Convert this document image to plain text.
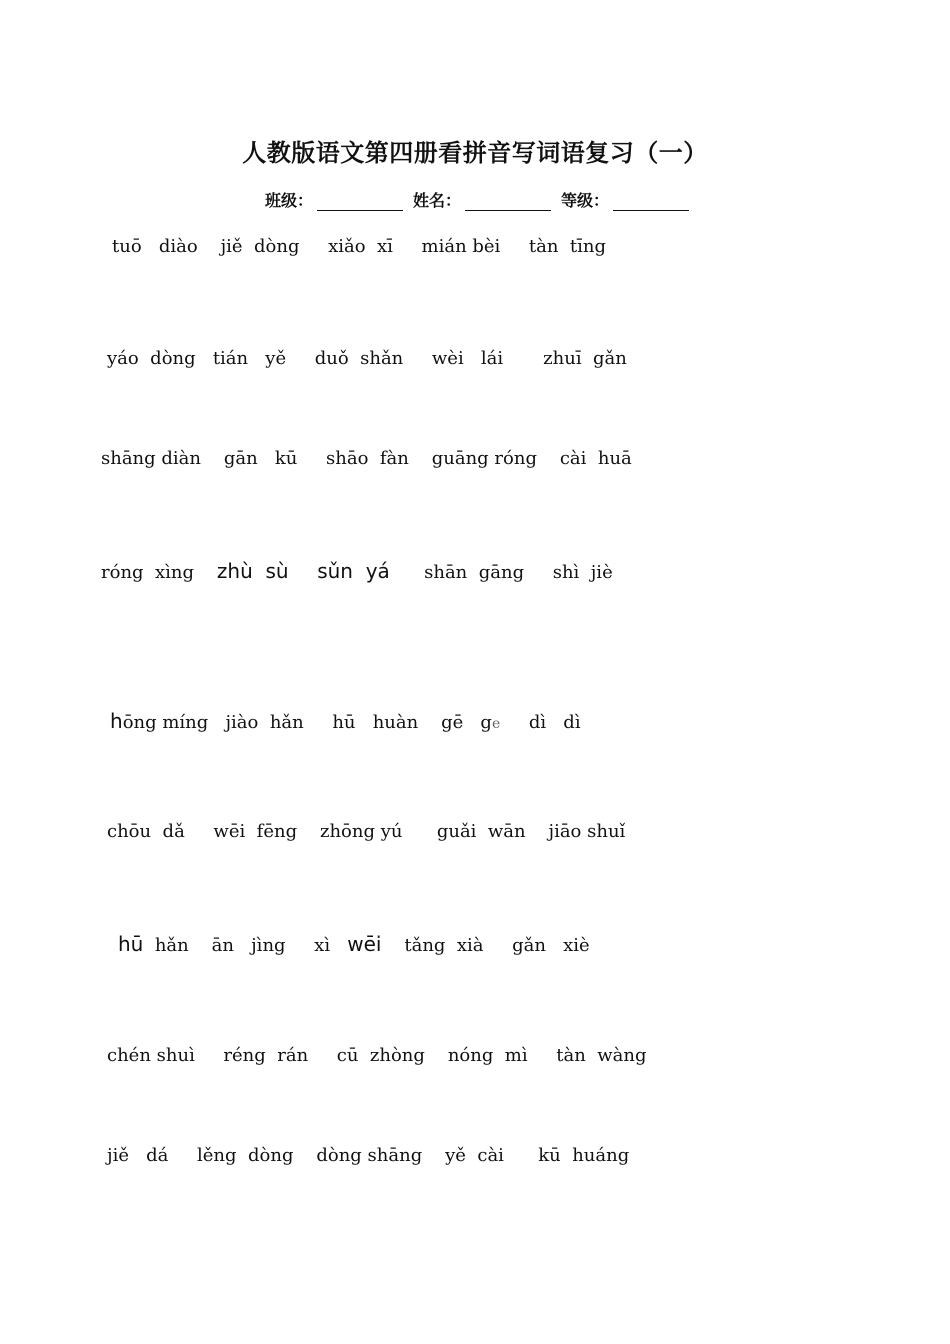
人教版语文第四册看拼音写词语复习（一）
班级：	姓名：	等级：
tuō   diào    jiě  dòng     xiǎo  xī     mián bèi     tàn  tīng
yáo  dòng   tián   yě     duǒ  shǎn     wèi   lái       zhuī  gǎn
shāng diàn    gān   kū     shāo  fàn    guāng róng    cài  huā
róng  xìng zhù  sù sǔn  yá shān  gāng     shì  jiè
hōng míng   jiào  hǎn     hū   huàn    gē   ge dì   dì
chōu  dǎ     wēi  fēng    zhōng yú      guǎi  wān    jiāo shuǐ
hū hǎn    ān   jìng     xì wēi tǎng  xià     gǎn   xiè
chén shuì     réng  rán     cū  zhòng    nóng  mì     tàn  wàng
jiě   dá     lěng  dòng    dòng shāng    yě  cài      kū  huáng
